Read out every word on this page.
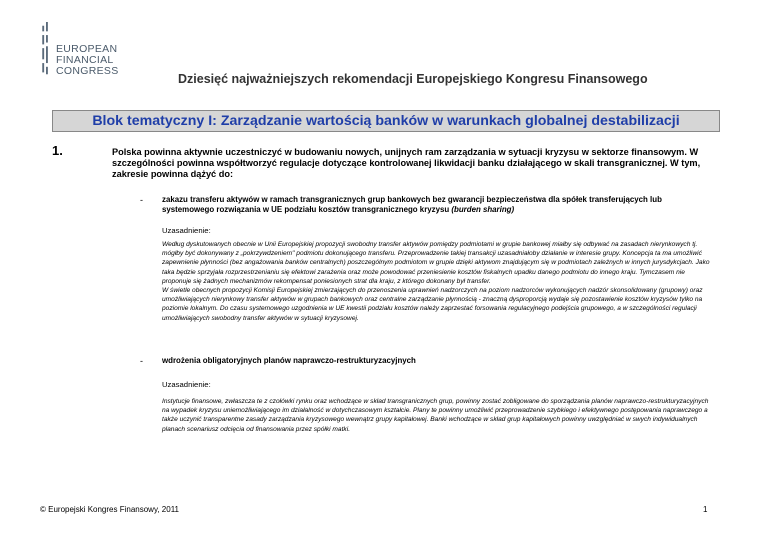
EUROPEAN
FINANCIAL
CONGRESS
Dziesięć najważniejszych rekomendacji Europejskiego Kongresu Finansowego
Blok tematyczny I: Zarządzanie wartością banków w warunkach globalnej destabilizacji
1.	Polska powinna aktywnie uczestniczyć w budowaniu nowych, unijnych ram zarządzania w sytuacji kryzysu w sektorze finansowym. W szczególności powinna współtworzyć regulacje dotyczące kontrolowanej likwidacji banku działającego w skali transgranicznej. W tym, zakresie powinna dążyć do:
- zakazu transferu aktywów w ramach transgranicznych grup bankowych bez gwarancji bezpieczeństwa dla spółek transferujących lub systemowego rozwiązania w UE podziału kosztów transgranicznego kryzysu (burden sharing)
Uzasadnienie:
Według dyskutowanych obecnie w Unii Europejskiej propozycji swobodny transfer aktywów pomiędzy podmiotami w grupie bankowej miałby się odbywać na zasadach nierynkowych tj. mógłby być dokonywany z „pokrzywdzeniem" podmiotu dokonującego transferu. Przeprowadzenie takiej transakcji uzasadniałoby działanie w interesie grupy. Koncepcja ta ma umożliwić zapewnienie płynności (bez angażowania banków centralnych) poszczególnym podmiotom w grupie dzięki aktywom znajdującym się w podmiotach zależnych w innych jurysdykcjach. Jako taka będzie sprzyjała rozprzestrzenianiu się efektowi zarażenia oraz może powodować przeniesienie kosztów fiskalnych upadku danego podmiotu do innego kraju. Tymczasem nie proponuje się żadnych mechanizmów rekompensat poniesionych strat dla kraju, z którego dokonany był transfer.
W świetle obecnych propozycji Komisji Europejskiej zmierzających do przenoszenia uprawnień nadzorczych na poziom nadzorców wykonujących nadzór skonsolidowany (grupowy) oraz umożliwiających nierynkowy transfer aktywów w grupach bankowych oraz centralne zarządzanie płynnością - znaczną dysproporcją wydaje się pozostawienie kosztów kryzysów tylko na poziomie lokalnym. Do czasu systemowego uzgodnienia w UE kwestii podziału kosztów należy zaprzestać forsowania regulacyjnego podejścia grupowego, a w szczególności regulacji umożliwiających swobodny transfer aktywów w sytuacji kryzysowej.
- wdrożenia obligatoryjnych planów naprawczo-restrukturyzacyjnych
Uzasadnienie:
Instytucje finansowe, zwłaszcza te z czołówki rynku oraz wchodzące w skład transgranicznych grup, powinny zostać zobligowane do sporządzania planów naprawczo-restrukturyzacyjnych na wypadek kryzysu uniemożliwiającego im działalność w dotychczasowym kształcie. Plany te powinny umożliwić przeprowadzenie szybkiego i efektywnego postępowania naprawczego a także uczynić transparentne zasady zarządzania kryzysowego wewnątrz grupy kapitałowej. Banki wchodzące w skład grup kapitałowych powinny uwzględniać w swych indywidualnych planach scenariusz odcięcia od finansowania przez spółki matki.
© Europejski Kongres Finansowy, 2011	1
